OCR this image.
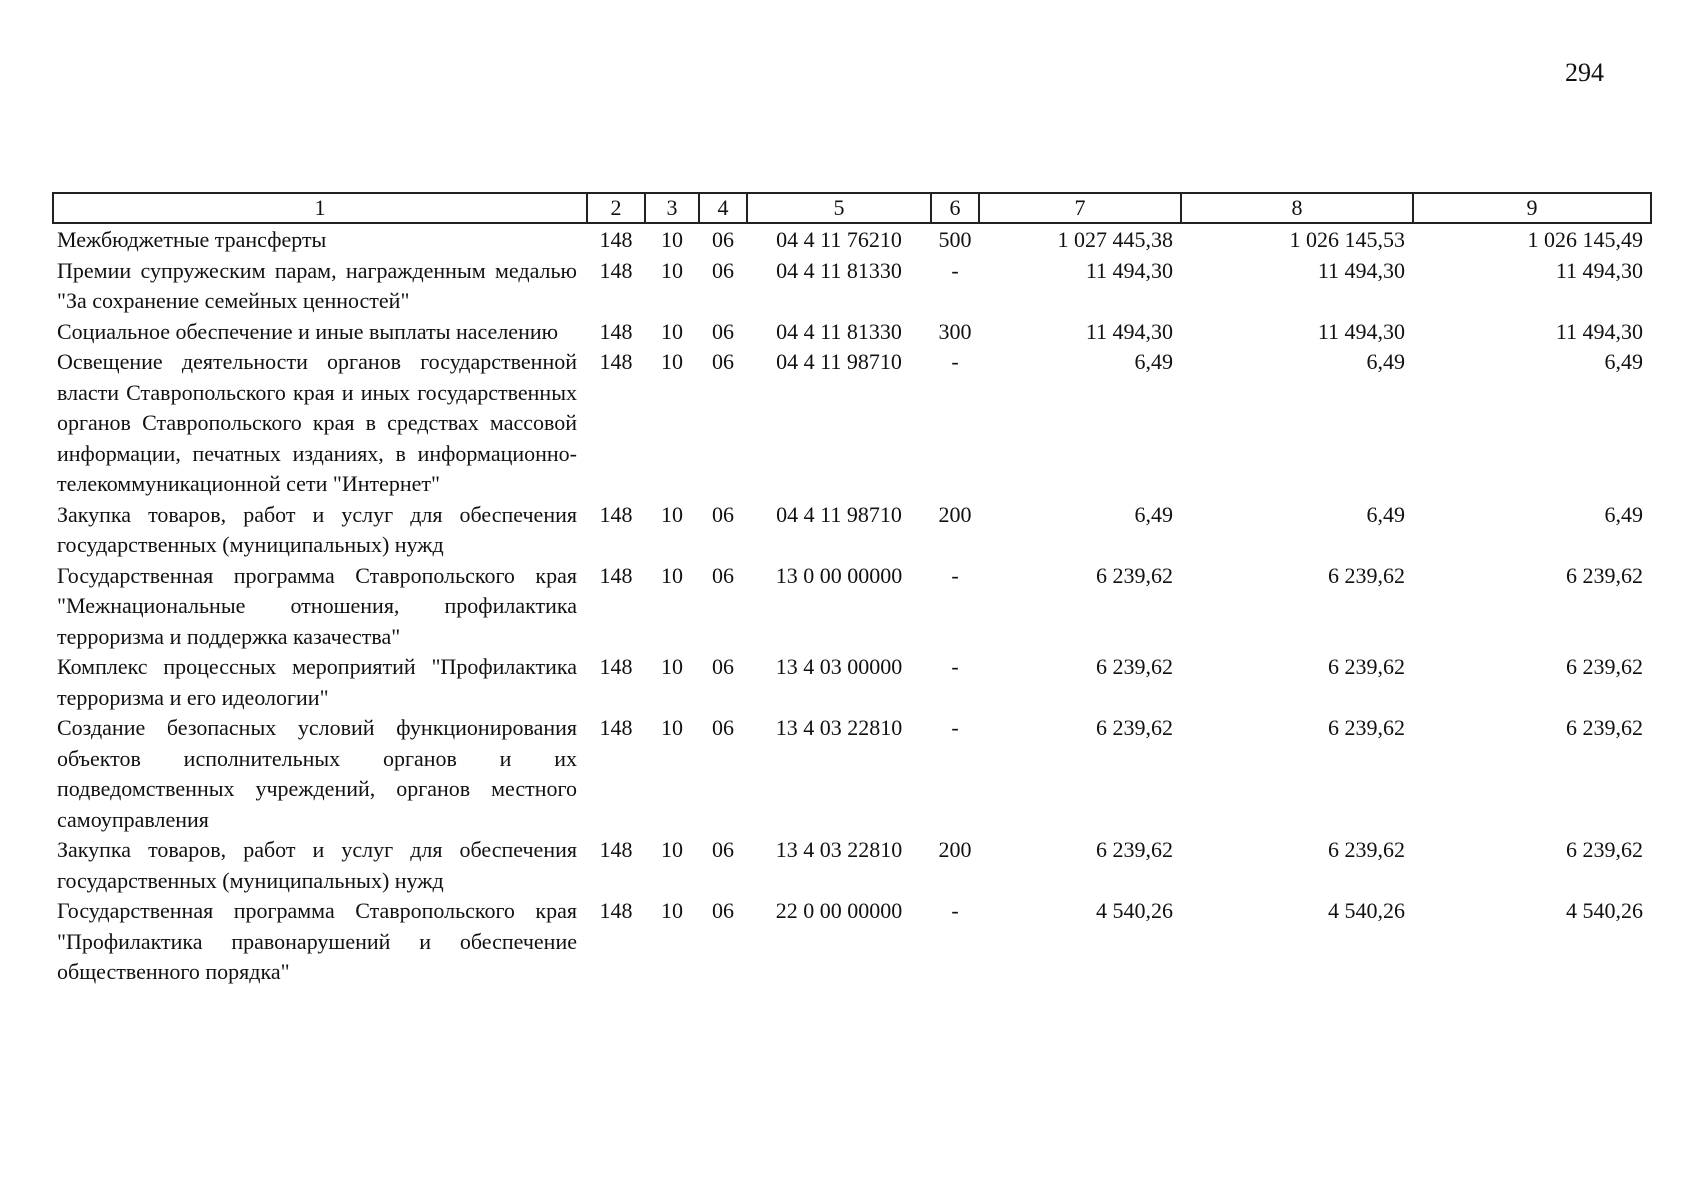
294
1	2	3	4	5	6	7	8	9
Межбюджетные трансферты	148	10	06	04 4 11 76210	500	1 027 445,38	1 026 145,53	1 026 145,49
Премии супружеским парам, награжденным медалью "За сохранение семейных ценностей"	148	10	06	04 4 11 81330	-	11 494,30	11 494,30	11 494,30
Социальное обеспечение и иные выплаты населению	148	10	06	04 4 11 81330	300	11 494,30	11 494,30	11 494,30
Освещение деятельности органов государственной власти Ставропольского края и иных государственных органов Ставропольского края в средствах массовой информации, печатных изданиях, в информационно-телекоммуникационной сети "Интернет"	148	10	06	04 4 11 98710	-	6,49	6,49	6,49
Закупка товаров, работ и услуг для обеспечения государственных (муниципальных) нужд	148	10	06	04 4 11 98710	200	6,49	6,49	6,49
Государственная программа Ставропольского края "Межнациональные отношения, профилактика терроризма и поддержка казачества"	148	10	06	13 0 00 00000	-	6 239,62	6 239,62	6 239,62
Комплекс процессных мероприятий "Профилактика терроризма и его идеологии"	148	10	06	13 4 03 00000	-	6 239,62	6 239,62	6 239,62
Создание безопасных условий функционирования объектов исполнительных органов и их подведомственных учреждений, органов местного самоуправления	148	10	06	13 4 03 22810	-	6 239,62	6 239,62	6 239,62
Закупка товаров, работ и услуг для обеспечения государственных (муниципальных) нужд	148	10	06	13 4 03 22810	200	6 239,62	6 239,62	6 239,62
Государственная программа Ставропольского края "Профилактика правонарушений и обеспечение общественного порядка"	148	10	06	22 0 00 00000	-	4 540,26	4 540,26	4 540,26
